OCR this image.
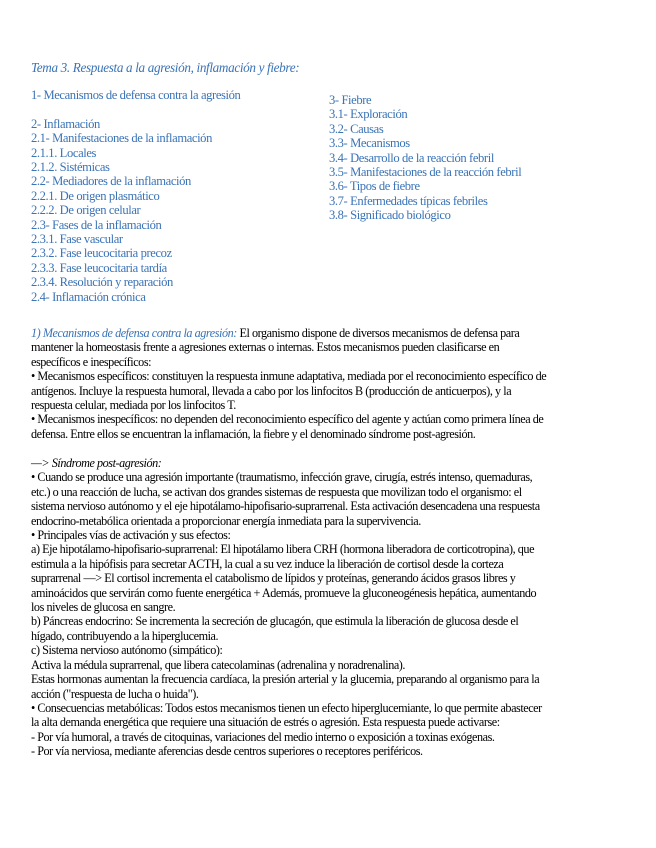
Tema 3. Respuesta a la agresión, inflamación y fiebre:
1- Mecanismos de defensa contra la agresión
2- Inflamación
2.1- Manifestaciones de la inflamación
2.1.1. Locales
2.1.2. Sistémicas
2.2- Mediadores de la inflamación
2.2.1. De origen plasmático
2.2.2. De origen celular
2.3- Fases de la inflamación
2.3.1. Fase vascular
2.3.2. Fase leucocitaria precoz
2.3.3. Fase leucocitaria tardía
2.3.4. Resolución y reparación
2.4- Inflamación crónica
3- Fiebre
3.1- Exploración
3.2- Causas
3.3- Mecanismos
3.4- Desarrollo de la reacción febril
3.5- Manifestaciones de la reacción febril
3.6- Tipos de fiebre
3.7- Enfermedades típicas febriles
3.8- Significado biológico
1) Mecanismos de defensa contra la agresión: El organismo dispone de diversos mecanismos de defensa para
mantener la homeostasis frente a agresiones externas o internas. Estos mecanismos pueden clasificarse en
específicos e inespecíficos:
• Mecanismos específicos: constituyen la respuesta inmune adaptativa, mediada por el reconocimiento específico de
antígenos. Incluye la respuesta humoral, llevada a cabo por los linfocitos B (producción de anticuerpos), y la
respuesta celular, mediada por los linfocitos T.
• Mecanismos inespecíficos: no dependen del reconocimiento específico del agente y actúan como primera línea de
defensa. Entre ellos se encuentran la inflamación, la fiebre y el denominado síndrome post-agresión.
—> Síndrome post-agresión:
• Cuando se produce una agresión importante (traumatismo, infección grave, cirugía, estrés intenso, quemaduras,
etc.) o una reacción de lucha, se activan dos grandes sistemas de respuesta que movilizan todo el organismo: el
sistema nervioso autónomo y el eje hipotálamo-hipofisario-suprarrenal. Esta activación desencadena una respuesta
endocrino-metabólica orientada a proporcionar energía inmediata para la supervivencia.
• Principales vías de activación y sus efectos:
a) Eje hipotálamo-hipofisario-suprarrenal: El hipotálamo libera CRH (hormona liberadora de corticotropina), que
estimula a la hipófisis para secretar ACTH, la cual a su vez induce la liberación de cortisol desde la corteza
suprarrenal —> El cortisol incrementa el catabolismo de lípidos y proteínas, generando ácidos grasos libres y
aminoácidos que servirán como fuente energética + Además, promueve la gluconeogénesis hepática, aumentando
los niveles de glucosa en sangre.
b) Páncreas endocrino: Se incrementa la secreción de glucagón, que estimula la liberación de glucosa desde el
hígado, contribuyendo a la hiperglucemia.
c) Sistema nervioso autónomo (simpático):
Activa la médula suprarrenal, que libera catecolaminas (adrenalina y noradrenalina).
Estas hormonas aumentan la frecuencia cardíaca, la presión arterial y la glucemia, preparando al organismo para la
acción ("respuesta de lucha o huida").
• Consecuencias metabólicas: Todos estos mecanismos tienen un efecto hiperglucemiante, lo que permite abastecer
la alta demanda energética que requiere una situación de estrés o agresión. Esta respuesta puede activarse:
- Por vía humoral, a través de citoquinas, variaciones del medio interno o exposición a toxinas exógenas.
- Por vía nerviosa, mediante aferencias desde centros superiores o receptores periféricos.
